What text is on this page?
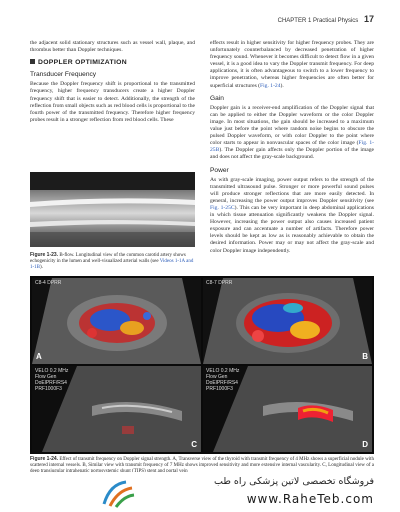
CHAPTER 1 Practical Physics 17

the adjacent solid stationary structures such as vessel wall, plaque, and thrombus better than Doppler techniques.

DOPPLER OPTIMIZATION
Transducer Frequency

Because the Doppler frequency shift is proportional to the transmitted frequency, higher frequency transducers create a higher Doppler frequency shift that is easier to detect. Additionally, the strength of the reflection from small objects such as red blood cells is proportional to the fourth power of the transmitted frequency. Therefore higher frequency probes result in a stronger reflection from red blood cells. These

Figure 1-23. B-flow. Longitudinal view of the common carotid artery shows echogenicity in the lumen and well-visualized arterial walls (see Videos 1-1A and 1-1B).

effects result in higher sensitivity for higher frequency probes. They are unfortunately counterbalanced by decreased penetration of higher frequency sound. Whenever it becomes difficult to detect flow in a given vessel, it is a good idea to vary the Doppler transmit frequency. For deep applications, it is often advantageous to switch to a lower frequency to improve penetration, whereas higher frequencies are often better for superficial structures (Fig. 1-24).

Gain

Doppler gain is a receiver-end amplification of the Doppler signal that can be applied to either the Doppler waveform or the color Doppler image. In most situations, the gain should be increased to a maximum value just before the point where random noise begins to obscure the pulsed Doppler waveform, or with color Doppler to the point where color starts to appear in nonvascular spaces of the color image (Fig. 1-25B). The Doppler gain affects only the Doppler portion of the image and does not affect the gray-scale background.

Power

As with gray-scale imaging, power output refers to the strength of the transmitted ultrasound pulse. Stronger or more powerful sound pulses will produce stronger reflections that are more easily detected. In general, increasing the power output improves Doppler sensitivity (see Fig. 1-25C). This can be very important in deep abdominal applications in which tissue attenuation significantly weakens the Doppler signal. However, increasing the power output also causes increased patient exposure and can accentuate a number of artifacts. Therefore power levels should be kept as low as is reasonably achievable to obtain the desired information. Power may or may not affect the gray-scale and color Doppler image independently.

C8-4 DPRR
A
C8-7 DPRR
B
VELO 0.2 MHz
Flow Gen
DoElPRF/RS4
PRF1000F3
C
VELO 0.2 MHz
Flow Gen
DoElPRF/RS4
PRF1000F3
D
Figure 1-24. Effect of transmit frequency on Doppler signal strength. A, Transverse view of the thyroid with transmit frequency of 4 MHz shows a superficial nodule with scattered internal vessels. B, Similar view with transmit frequency of 7 MHz shows improved sensitivity and more extensive internal vascularity. C, Longitudinal view of a
فروشگاه تخصصی لاتین پزشکی راه طب
www.RaheTeb.com
